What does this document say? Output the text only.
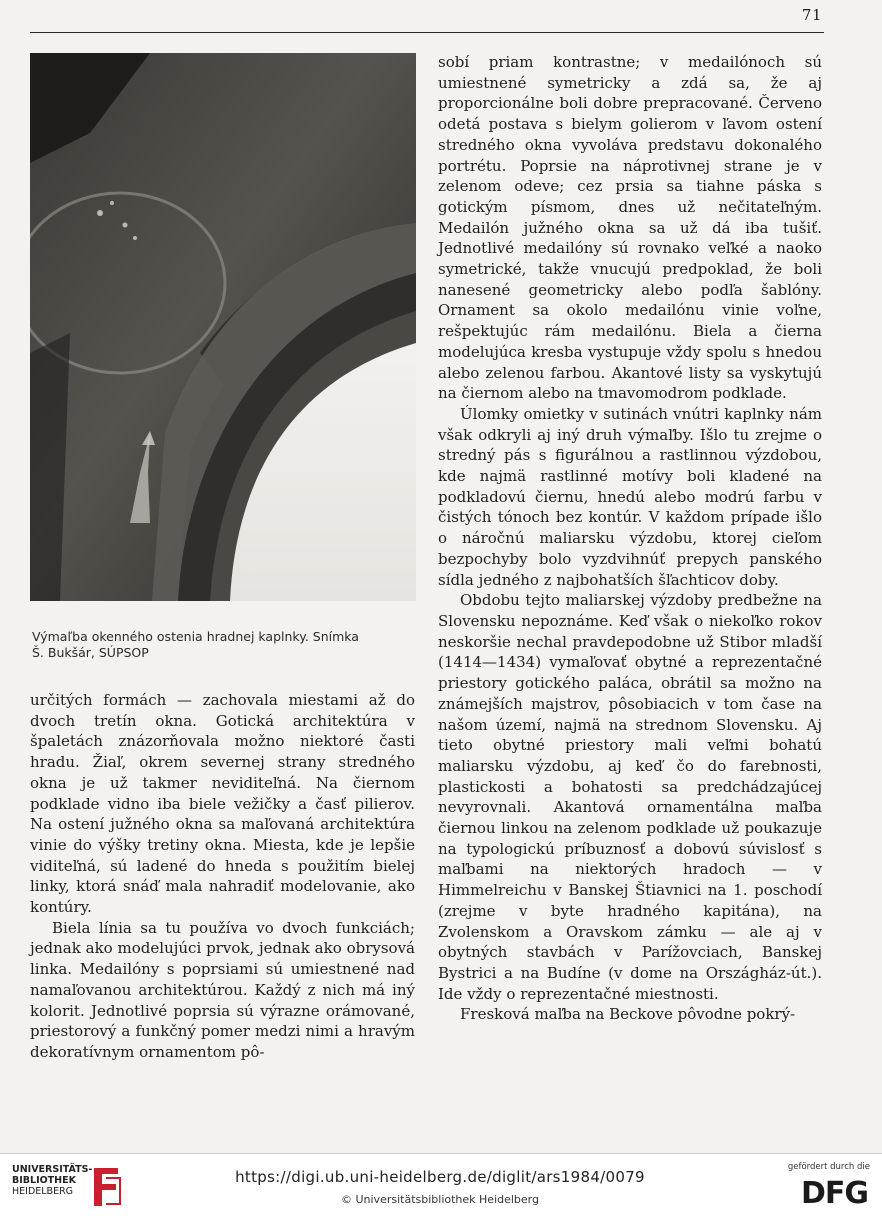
71
Výmaľba okenného ostenia hradnej kaplnky. Snímka
Š. Bukšár, SÚPSOP

sobí priam kontrastne; v medailónoch sú umiestnené symetricky a zdá sa, že aj proporcionálne boli dobre prepracované. Červeno odetá postava s bielym golierom v ľavom ostení stredného okna vyvoláva predstavu dokonalého portrétu. Poprsie na náprotivnej strane je v zelenom odeve; cez prsia sa tiahne páska s gotickým písmom, dnes už nečitateľným. Medailón južného okna sa už dá iba tušiť. Jednotlivé medailóny sú rovnako veľké a naoko symetrické, takže vnucujú predpoklad, že boli nanesené geometricky alebo podľa šablóny. Ornament sa okolo medailónu vinie voľne, rešpektujúc rám medailónu. Biela a čierna modelujúca kresba vystupuje vždy spolu s hnedou alebo zelenou farbou. Akantové listy sa vyskytujú na čiernom alebo na tmavomodrom podklade.

Úlomky omietky v sutinách vnútri kaplnky nám však odkryli aj iný druh výmaľby. Išlo tu zrejme o stredný pás s figurálnou a rastlinnou výzdobou, kde najmä rastlinné motívy boli kladené na podkladovú čiernu, hnedú alebo modrú farbu v čistých tónoch bez kontúr. V každom prípade išlo o náročnú maliarsku výzdobu, ktorej cieľom bezpochyby bolo vyzdvihnúť prepych panského sídla jedného z najbohatších šľachticov doby.

Obdobu tejto maliarskej výzdoby predbežne na Slovensku nepoznáme. Keď však o niekoľko rokov neskoršie nechal pravdepodobne už Stibor mladší (1414—1434) vymaľovať obytné a reprezentačné priestory gotického paláca, obrátil sa možno na známejších majstrov, pôsobiacich v tom čase na našom území, najmä na strednom Slovensku. Aj tieto obytné priestory mali veľmi bohatú maliarsku výzdobu, aj keď čo do farebnosti, plastickosti a bohatosti sa predchádzajúcej nevyrovnali. Akantová ornamentálna maľba čiernou linkou na zelenom podklade už poukazuje na typologickú príbuznosť a dobovú súvislosť s maľbami na niektorých hradoch — v Himmelreichu v Banskej Štiavnici na 1. poschodí (zrejme v byte hradného kapitána), na Zvolenskom a Oravskom zámku — ale aj v obytných stavbách v Parížovciach, Banskej Bystrici a na Budíne (v dome na Országház-út.). Ide vždy o reprezentačné miestnosti.

Fresková maľba na Beckove pôvodne pokrý-

určitých formách — zachovala miestami až do dvoch tretín okna. Gotická architektúra v špaletách znázorňovala možno niektoré časti hradu. Žiaľ, okrem severnej strany stredného okna je už takmer neviditeľná. Na čiernom podklade vidno iba biele vežičky a časť pilierov. Na ostení južného okna sa maľovaná architektúra vinie do výšky tretiny okna. Miesta, kde je lepšie viditeľná, sú ladené do hneda s použitím bielej linky, ktorá snáď mala nahradiť modelovanie, ako kontúry.

Biela línia sa tu používa vo dvoch funkciách; jednak ako modelujúci prvok, jednak ako obrysová linka. Medailóny s poprsiami sú umiestnené nad namaľovanou architektúrou. Každý z nich má iný kolorit. Jednotlivé poprsia sú výrazne orámované, priestorový a funkčný pomer medzi nimi a hravým dekoratívnym ornamentom pô-

UNIVERSITÄTS-
BIBLIOTHEK
HEIDELBERG
https://digi.ub.uni-heidelberg.de/diglit/ars1984/0079
© Universitätsbibliothek Heidelberg
gefördert durch die
DFG
